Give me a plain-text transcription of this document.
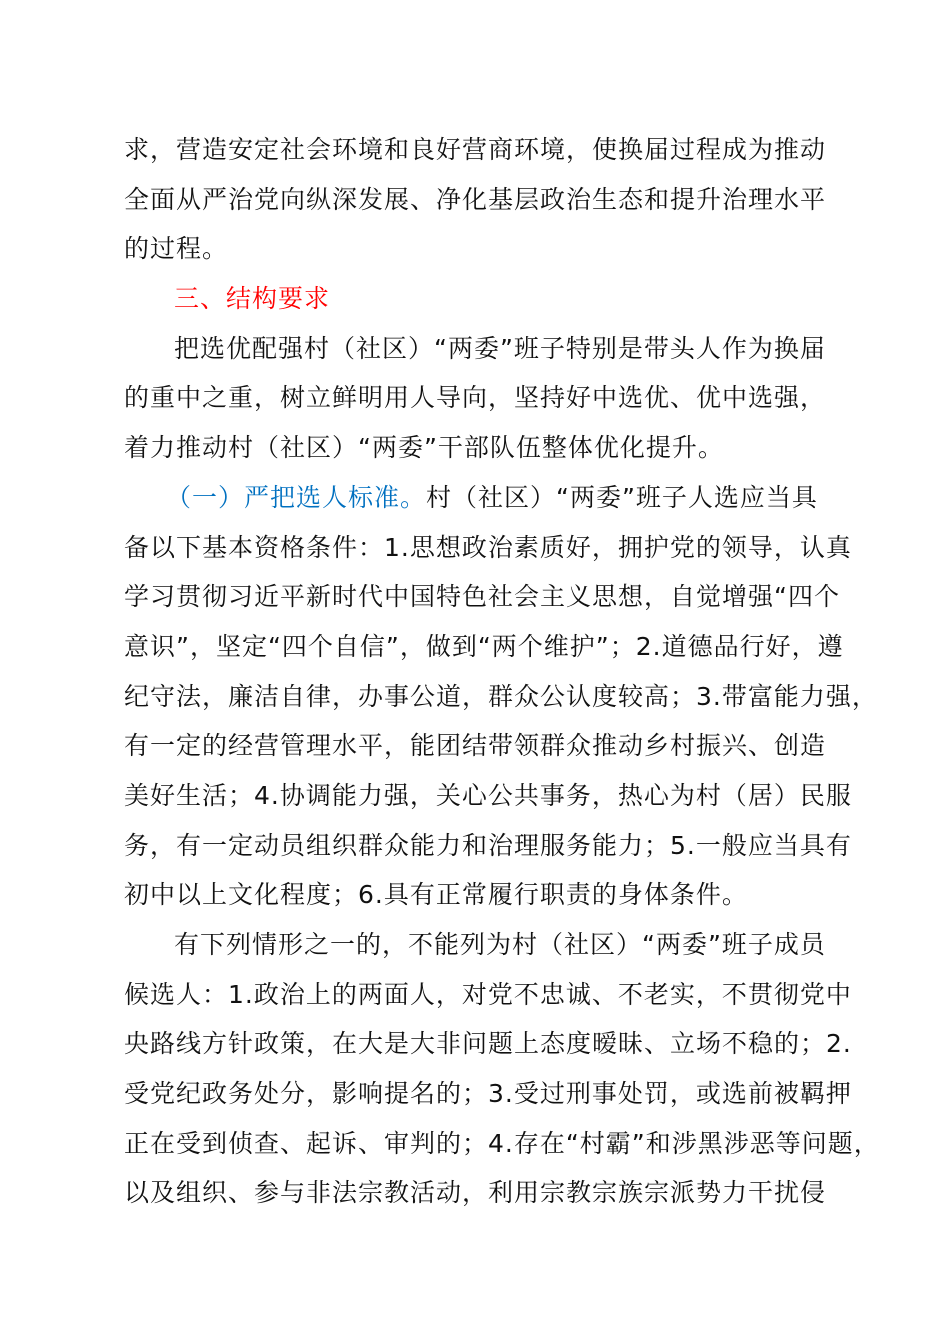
求，营造安定社会环境和良好营商环境，使换届过程成为推动
全面从严治党向纵深发展、净化基层政治生态和提升治理水平
的过程。
三、结构要求
把选优配强村（社区）“两委”班子特别是带头人作为换届
的重中之重，树立鲜明用人导向，坚持好中选优、优中选强，
着力推动村（社区）“两委”干部队伍整体优化提升。
（一）严把选人标准。村（社区）“两委”班子人选应当具
备以下基本资格条件：1.思想政治素质好，拥护党的领导，认真
学习贯彻习近平新时代中国特色社会主义思想，自觉增强“四个
意识”，坚定“四个自信”，做到“两个维护”；2.道德品行好，遵
纪守法，廉洁自律，办事公道，群众公认度较高；3.带富能力强，
有一定的经营管理水平，能团结带领群众推动乡村振兴、创造
美好生活；4.协调能力强，关心公共事务，热心为村（居）民服
务，有一定动员组织群众能力和治理服务能力；5.一般应当具有
初中以上文化程度；6.具有正常履行职责的身体条件。
有下列情形之一的，不能列为村（社区）“两委”班子成员
候选人：1.政治上的两面人，对党不忠诚、不老实，不贯彻党中
央路线方针政策，在大是大非问题上态度暧昧、立场不稳的；2.
受党纪政务处分，影响提名的；3.受过刑事处罚，或选前被羁押
正在受到侦查、起诉、审判的；4.存在“村霸”和涉黑涉恶等问题，
以及组织、参与非法宗教活动，利用宗教宗族宗派势力干扰侵
